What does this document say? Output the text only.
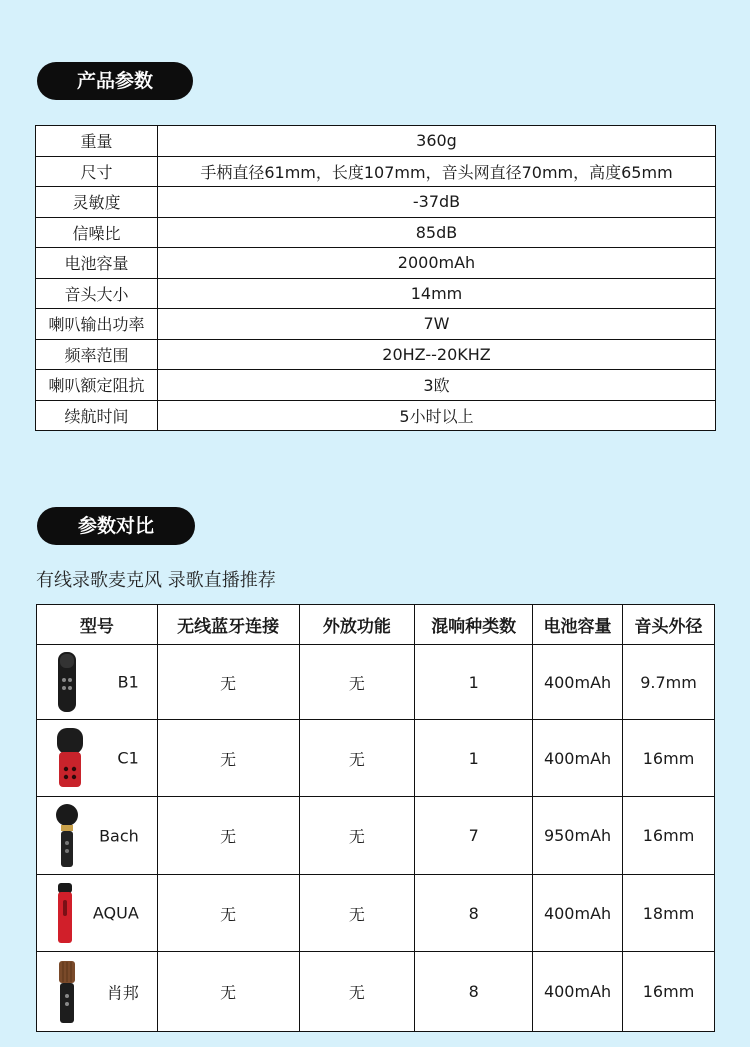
产品参数
重量	360g
尺寸	手柄直径61mm，长度107mm，音头网直径70mm，高度65mm
灵敏度	-37dB
信噪比	85dB
电池容量	2000mAh
音头大小	14mm
喇叭输出功率	7W
频率范围	20HZ--20KHZ
喇叭额定阻抗	3欧
续航时间	5小时以上
参数对比
有线录歌麦克风 录歌直播推荐
型号	无线蓝牙连接	外放功能	混响种类数	电池容量	音头外径

B1	无	无	1	400mAh	9.7mm

C1	无	无	1	400mAh	16mm

Bach	无	无	7	950mAh	16mm

AQUA	无	无	8	400mAh	18mm

肖邦	无	无	8	400mAh	16mm
